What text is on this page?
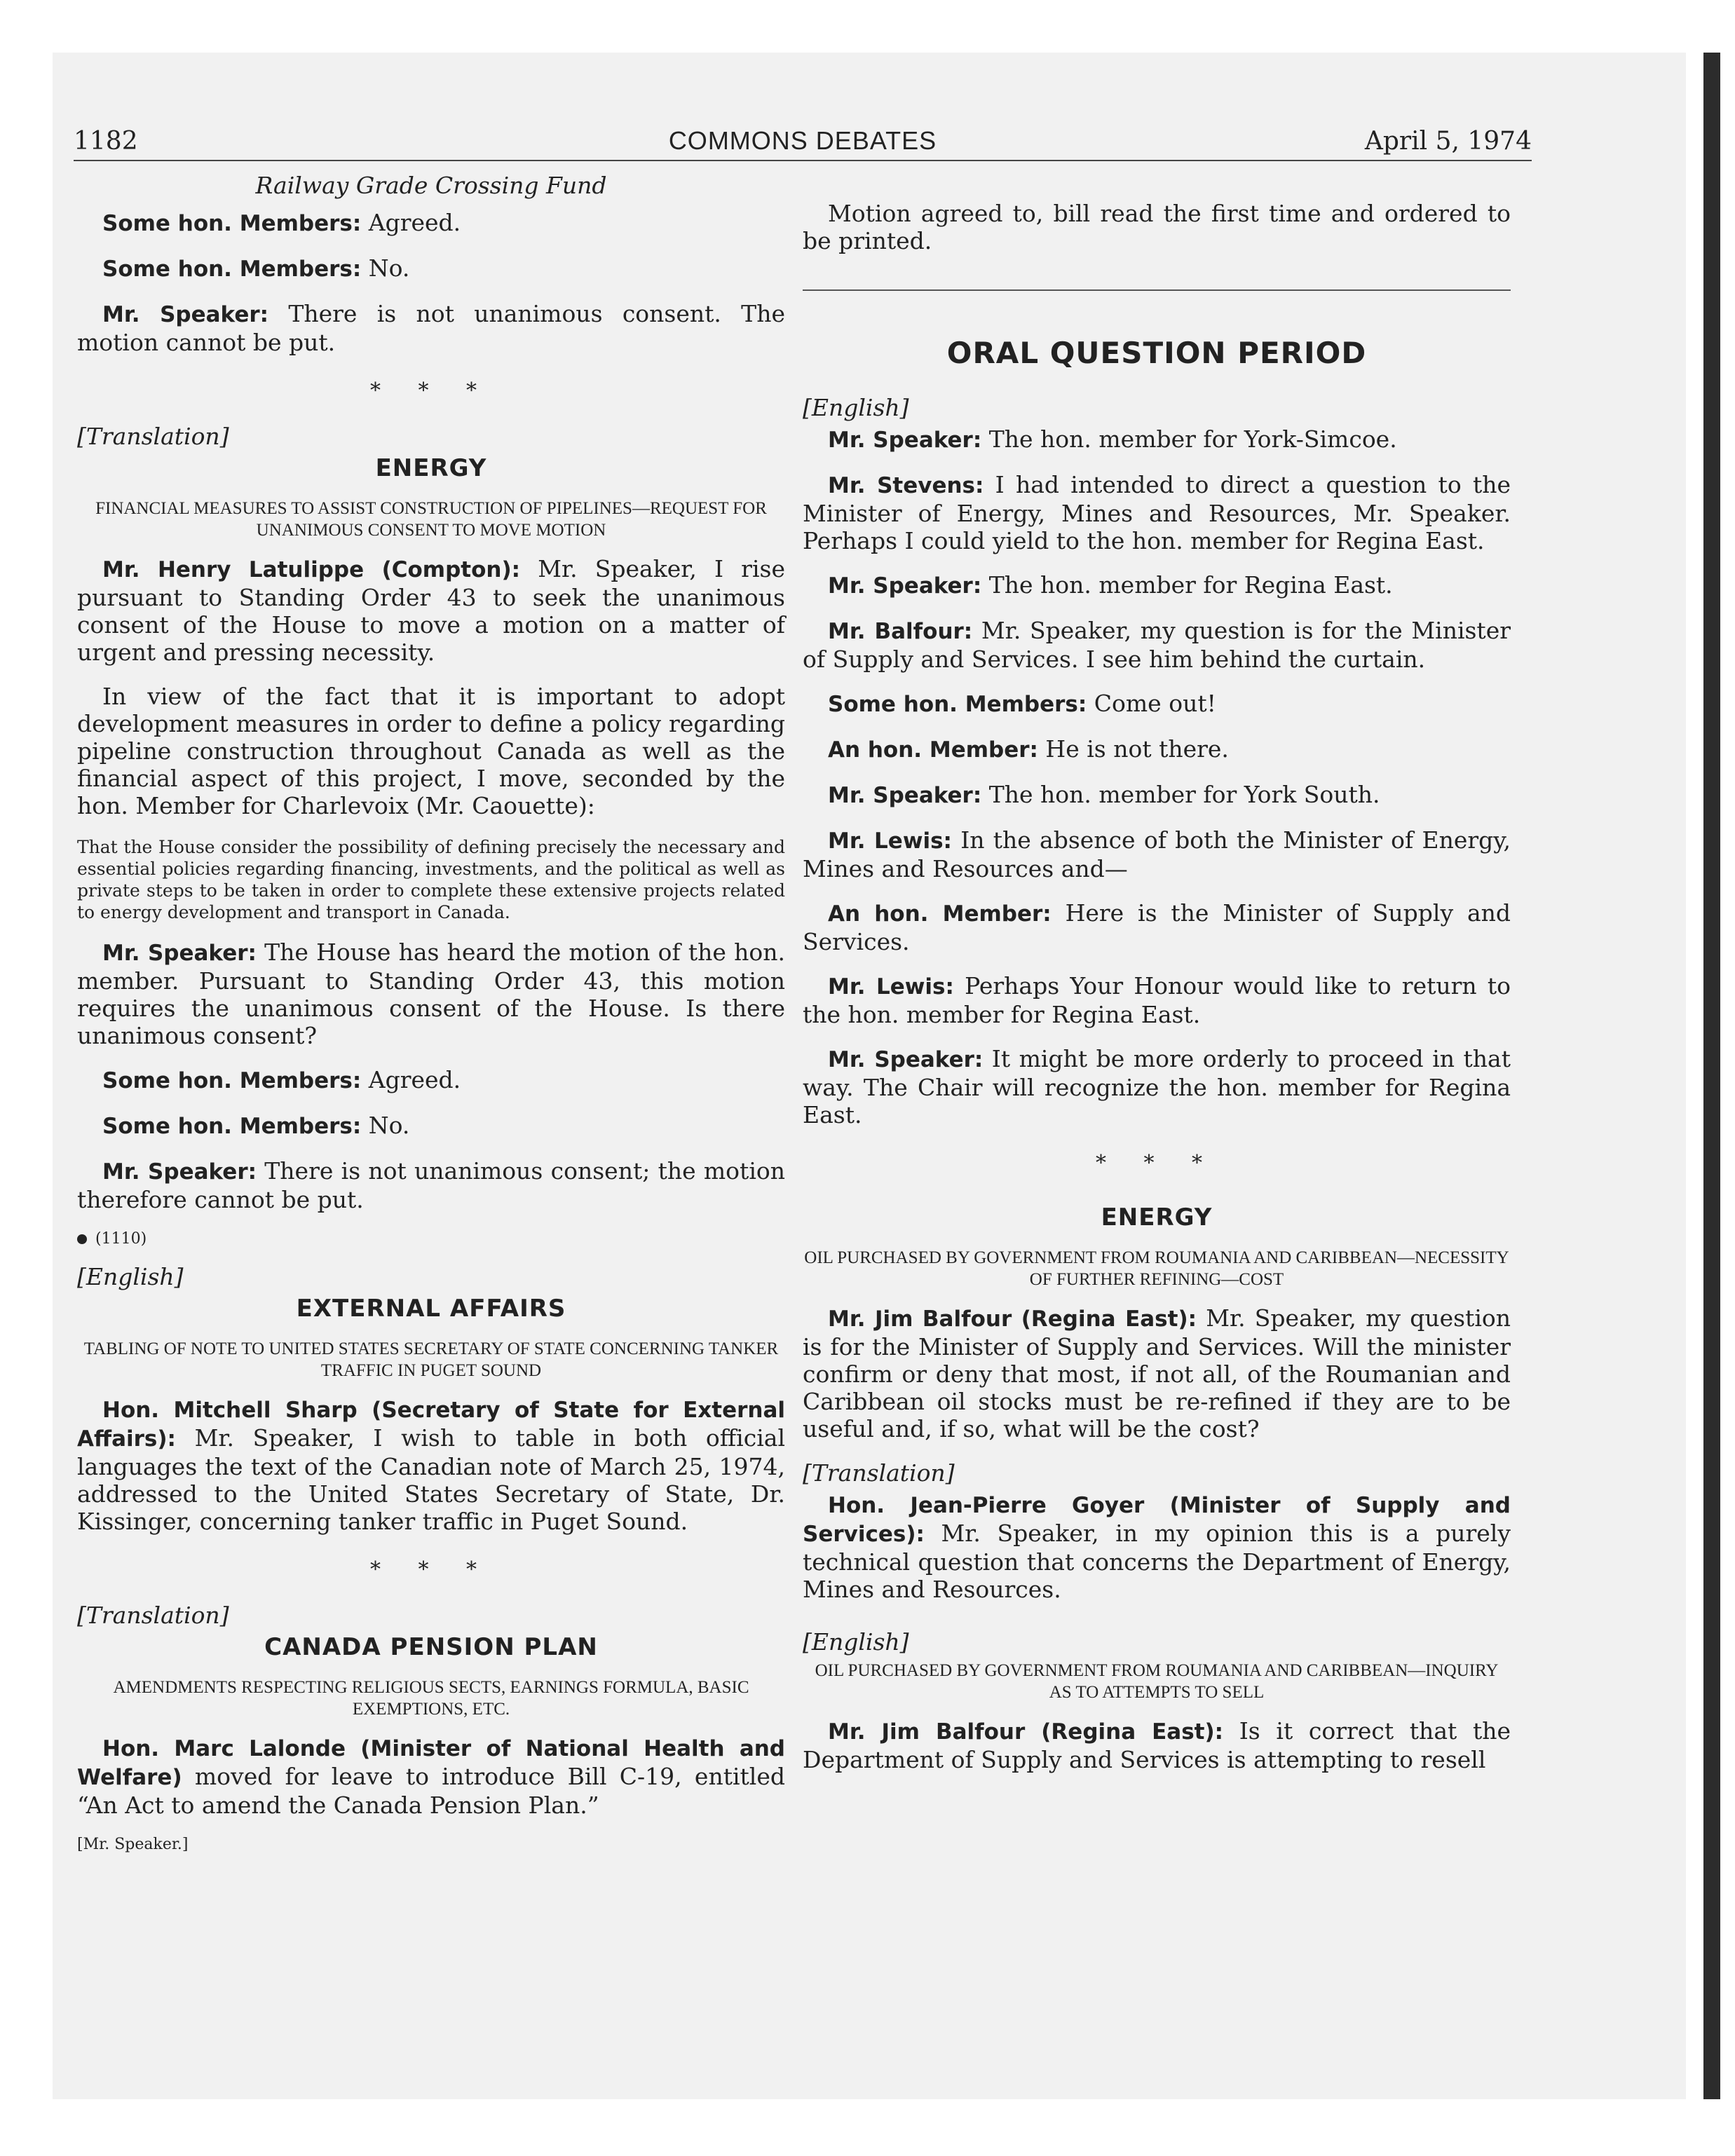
1182	COMMONS DEBATES	April 5, 1974
Railway Grade Crossing Fund

Some hon. Members: Agreed.

Some hon. Members: No.

Mr. Speaker: There is not unanimous consent. The motion cannot be put.

* * *
[Translation]
ENERGY
FINANCIAL MEASURES TO ASSIST CONSTRUCTION OF PIPELINES—REQUEST FOR UNANIMOUS CONSENT TO MOVE MOTION

Mr. Henry Latulippe (Compton): Mr. Speaker, I rise pursuant to Standing Order 43 to seek the unanimous consent of the House to move a motion on a matter of urgent and pressing necessity.

In view of the fact that it is important to adopt development measures in order to define a policy regarding pipeline construction throughout Canada as well as the financial aspect of this project, I move, seconded by the hon. Member for Charlevoix (Mr. Caouette):

That the House consider the possibility of defining precisely the necessary and essential policies regarding financing, investments, and the political as well as private steps to be taken in order to complete these extensive projects related to energy development and transport in Canada.

Mr. Speaker: The House has heard the motion of the hon. member. Pursuant to Standing Order 43, this motion requires the unanimous consent of the House. Is there unanimous consent?

Some hon. Members: Agreed.

Some hon. Members: No.

Mr. Speaker: There is not unanimous consent; the motion therefore cannot be put.

(1110)
[English]
EXTERNAL AFFAIRS
TABLING OF NOTE TO UNITED STATES SECRETARY OF STATE CONCERNING TANKER TRAFFIC IN PUGET SOUND

Hon. Mitchell Sharp (Secretary of State for External Affairs): Mr. Speaker, I wish to table in both official languages the text of the Canadian note of March 25, 1974, addressed to the United States Secretary of State, Dr. Kissinger, concerning tanker traffic in Puget Sound.

* * *
[Translation]
CANADA PENSION PLAN
AMENDMENTS RESPECTING RELIGIOUS SECTS, EARNINGS FORMULA, BASIC EXEMPTIONS, ETC.

Hon. Marc Lalonde (Minister of National Health and Welfare) moved for leave to introduce Bill C-19, entitled “An Act to amend the Canada Pension Plan.”

[Mr. Speaker.]

Motion agreed to, bill read the first time and ordered to be printed.

ORAL QUESTION PERIOD
[English]

Mr. Speaker: The hon. member for York-Simcoe.

Mr. Stevens: I had intended to direct a question to the Minister of Energy, Mines and Resources, Mr. Speaker. Perhaps I could yield to the hon. member for Regina East.

Mr. Speaker: The hon. member for Regina East.

Mr. Balfour: Mr. Speaker, my question is for the Minister of Supply and Services. I see him behind the curtain.

Some hon. Members: Come out!

An hon. Member: He is not there.

Mr. Speaker: The hon. member for York South.

Mr. Lewis: In the absence of both the Minister of Energy, Mines and Resources and—

An hon. Member: Here is the Minister of Supply and Services.

Mr. Lewis: Perhaps Your Honour would like to return to the hon. member for Regina East.

Mr. Speaker: It might be more orderly to proceed in that way. The Chair will recognize the hon. member for Regina East.

* * *
ENERGY
OIL PURCHASED BY GOVERNMENT FROM ROUMANIA AND CARIBBEAN—NECESSITY OF FURTHER REFINING—COST

Mr. Jim Balfour (Regina East): Mr. Speaker, my question is for the Minister of Supply and Services. Will the minister confirm or deny that most, if not all, of the Roumanian and Caribbean oil stocks must be re-refined if they are to be useful and, if so, what will be the cost?

[Translation]

Hon. Jean-Pierre Goyer (Minister of Supply and Services): Mr. Speaker, in my opinion this is a purely technical question that concerns the Department of Energy, Mines and Resources.

[English]
OIL PURCHASED BY GOVERNMENT FROM ROUMANIA AND CARIBBEAN—INQUIRY AS TO ATTEMPTS TO SELL

Mr. Jim Balfour (Regina East): Is it correct that the Department of Supply and Services is attempting to resell
